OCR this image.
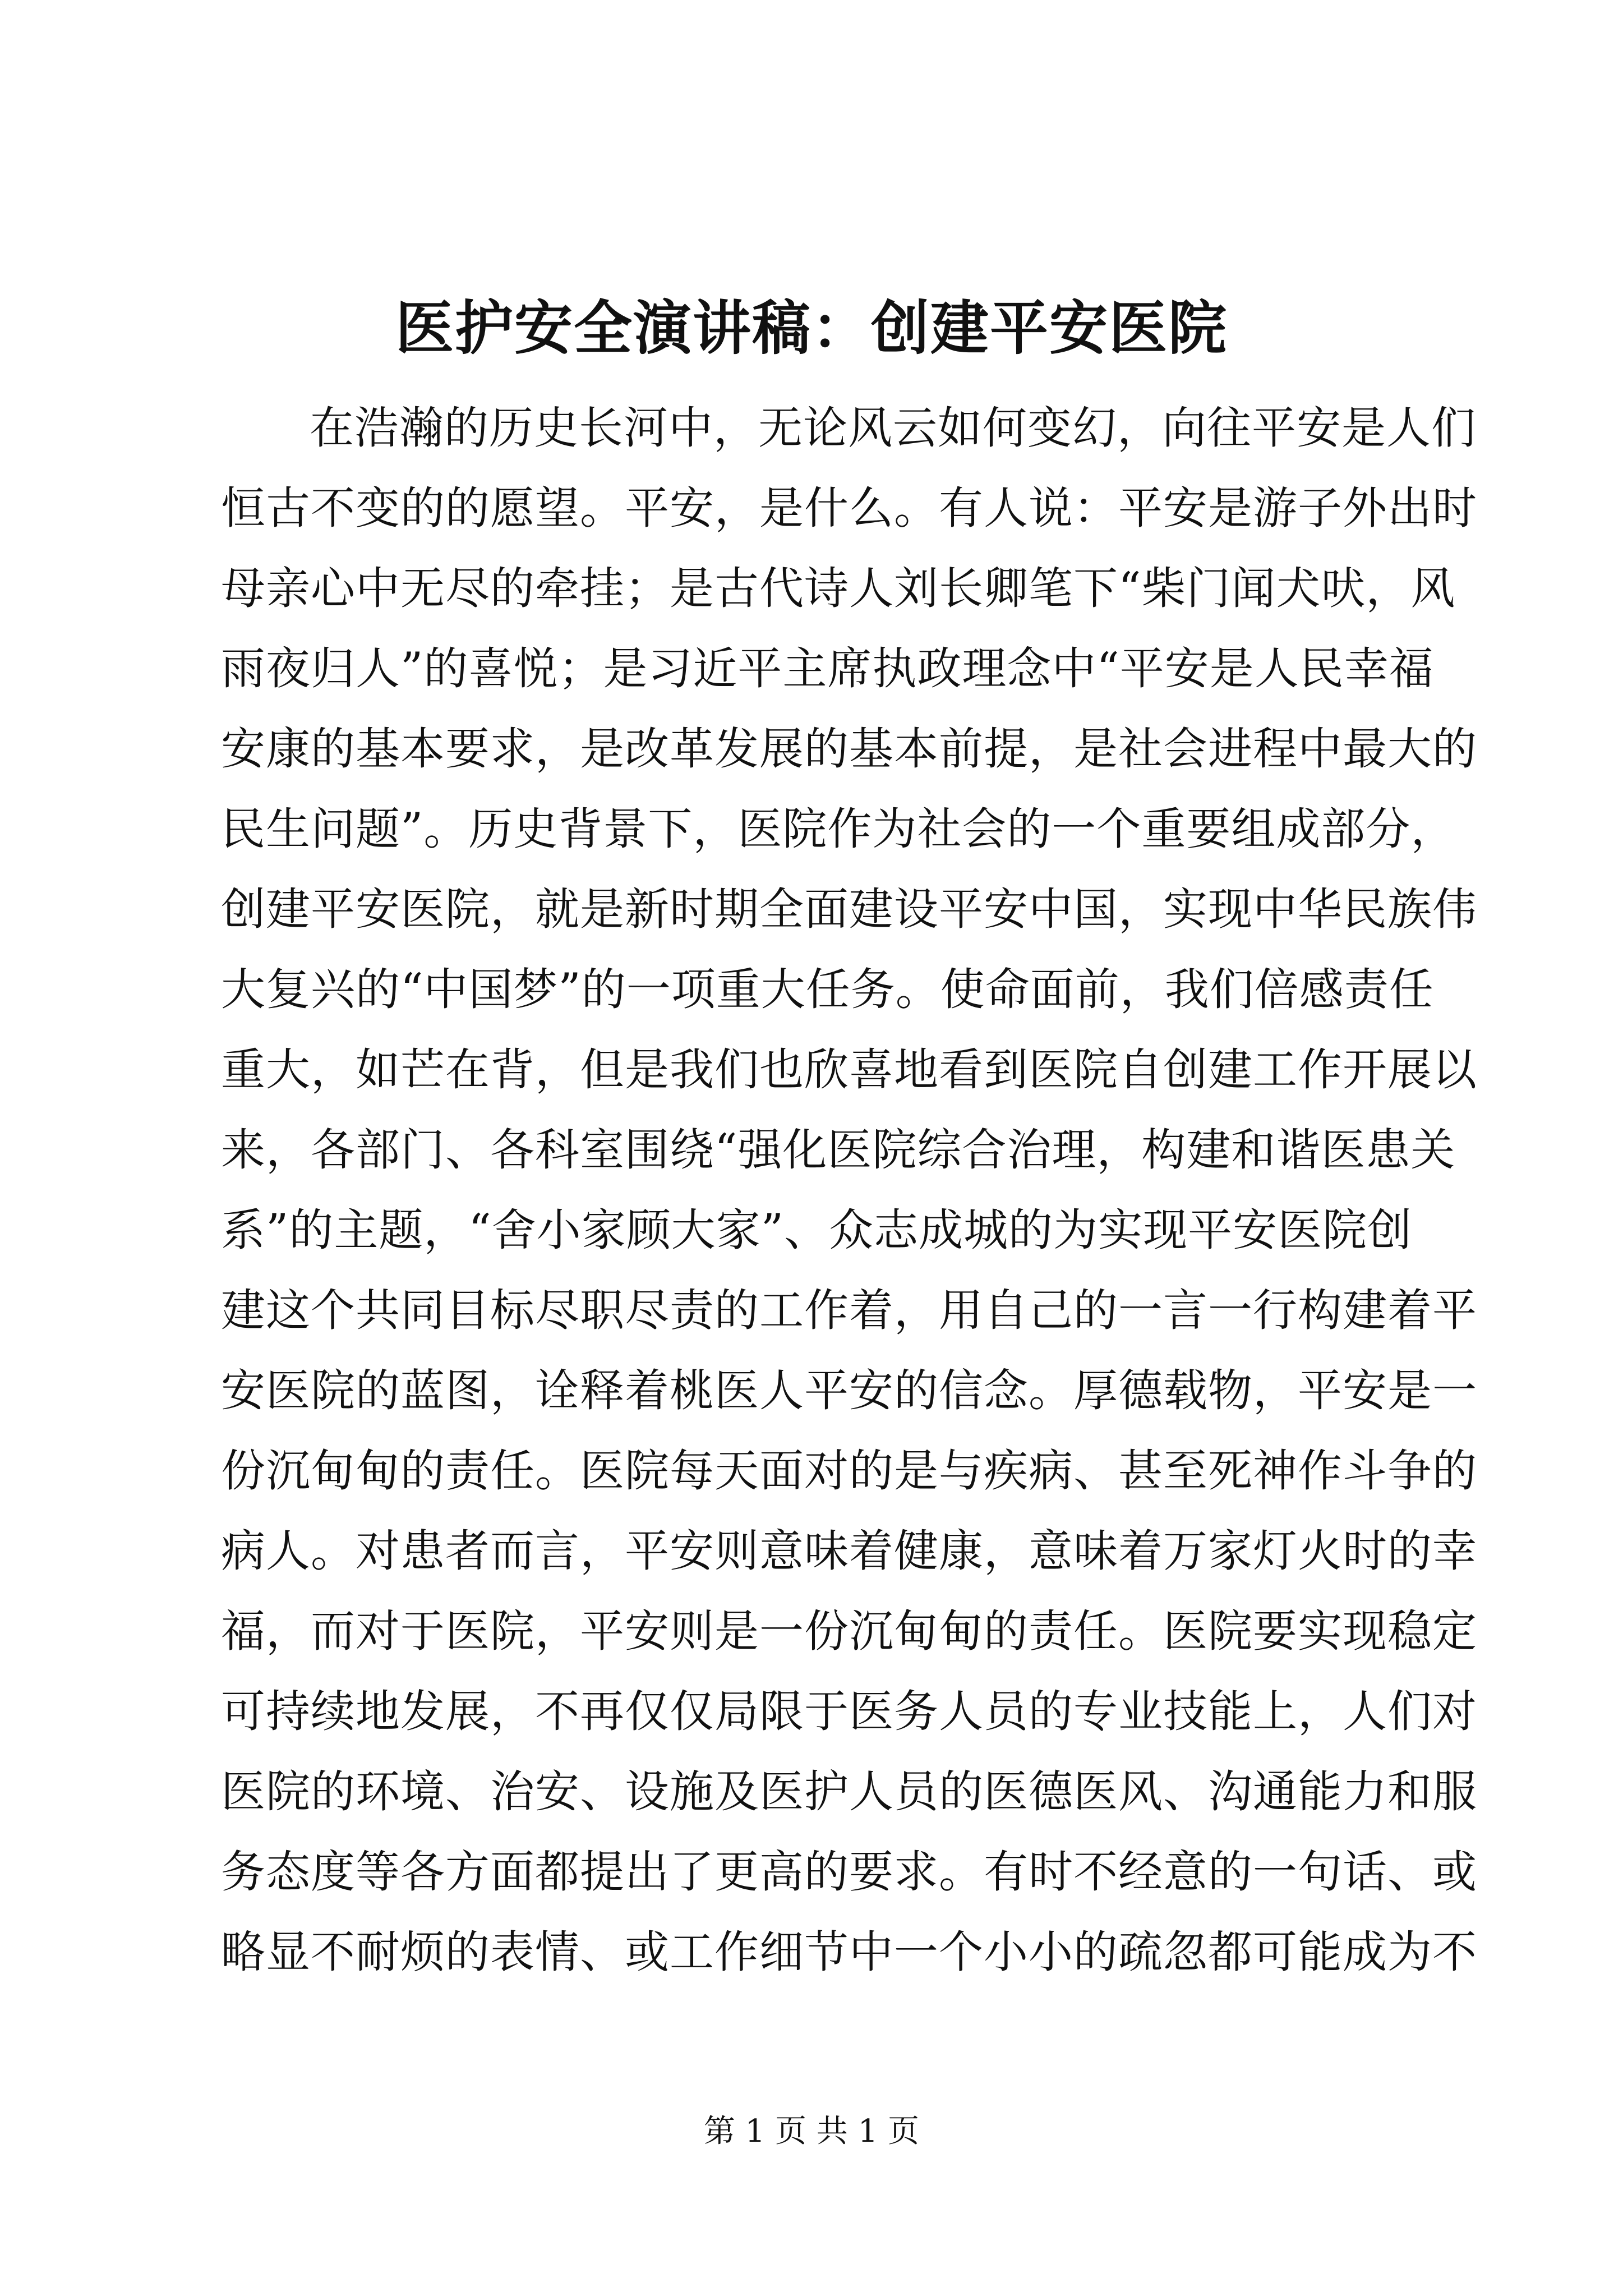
医护安全演讲稿：创建平安医院
在浩瀚的历史长河中，无论风云如何变幻，向往平安是人们
恒古不变的的愿望。平安，是什么。有人说：平安是游子外出时
母亲心中无尽的牵挂；是古代诗人刘长卿笔下“柴门闻犬吠，风
雨夜归人”的喜悦；是习近平主席执政理念中“平安是人民幸福
安康的基本要求，是改革发展的基本前提，是社会进程中最大的
民生问题”。历史背景下，医院作为社会的一个重要组成部分，
创建平安医院，就是新时期全面建设平安中国，实现中华民族伟
大复兴的“中国梦”的一项重大任务。使命面前，我们倍感责任
重大，如芒在背，但是我们也欣喜地看到医院自创建工作开展以
来，各部门、各科室围绕“强化医院综合治理，构建和谐医患关
系”的主题，“舍小家顾大家”、众志成城的为实现平安医院创
建这个共同目标尽职尽责的工作着，用自己的一言一行构建着平
安医院的蓝图，诠释着桃医人平安的信念。厚德载物，平安是一
份沉甸甸的责任。医院每天面对的是与疾病、甚至死神作斗争的
病人。对患者而言，平安则意味着健康，意味着万家灯火时的幸
福，而对于医院，平安则是一份沉甸甸的责任。医院要实现稳定
可持续地发展，不再仅仅局限于医务人员的专业技能上，人们对
医院的环境、治安、设施及医护人员的医德医风、沟通能力和服
务态度等各方面都提出了更高的要求。有时不经意的一句话、或
略显不耐烦的表情、或工作细节中一个小小的疏忽都可能成为不
第 1 页 共 1 页
